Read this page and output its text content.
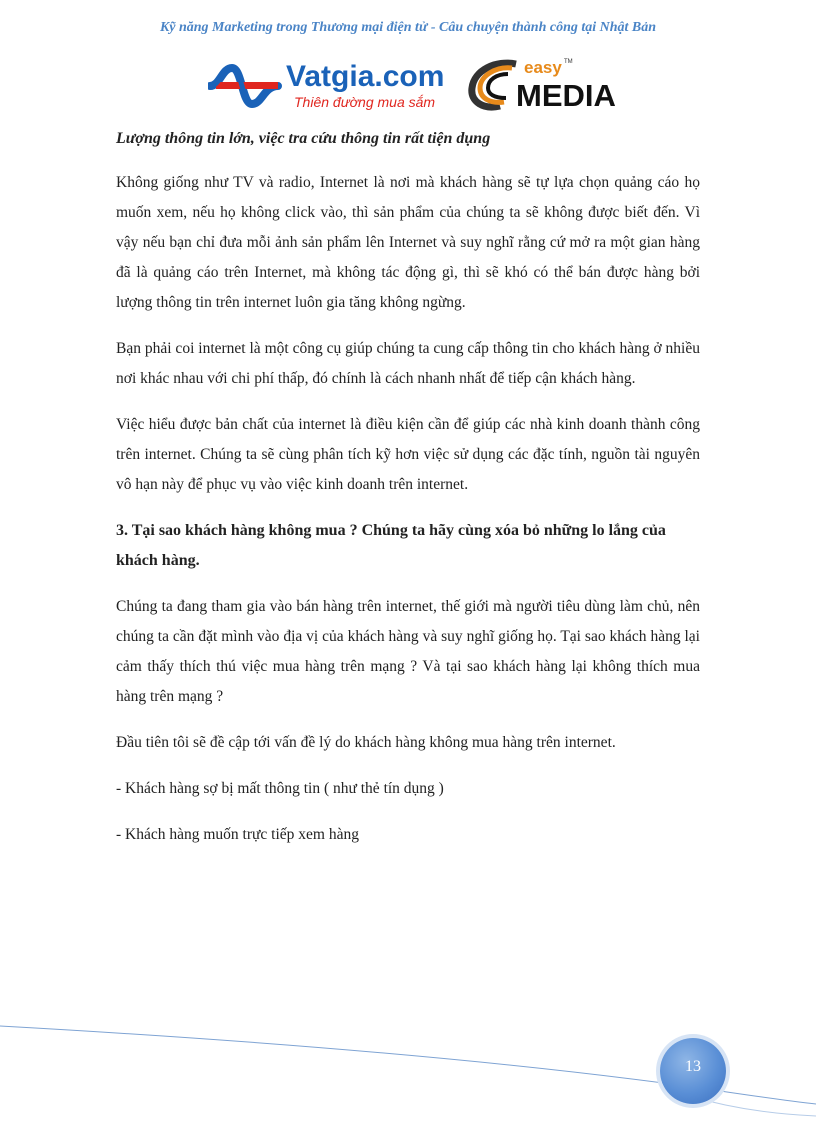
Kỹ năng Marketing trong Thương mại điện tử - Câu chuyện thành công tại Nhật Bản
Vatgia.com
Thiên đường mua sắm
easy TM
MEDIA

Lượng thông tin lớn, việc tra cứu thông tin rất tiện dụng

Không giống như TV và radio, Internet là nơi mà khách hàng sẽ tự lựa chọn quảng cáo họ muốn xem, nếu họ không click vào, thì sản phẩm của chúng ta sẽ không được biết đến. Vì vậy nếu bạn chỉ đưa mỗi ảnh sản phẩm lên Internet và suy nghĩ rằng cứ mở ra một gian hàng đã là quảng cáo trên Internet, mà không tác động gì, thì sẽ khó có thể bán được hàng bởi lượng thông tin trên internet luôn gia tăng không ngừng.

Bạn phải coi internet là một công cụ giúp chúng ta cung cấp thông tin cho khách hàng ở nhiều nơi khác nhau với chi phí thấp, đó chính là cách nhanh nhất để tiếp cận khách hàng.

Việc hiểu được bản chất của internet là điều kiện cần để giúp các nhà kinh doanh thành công trên internet. Chúng ta sẽ cùng phân tích kỹ hơn việc sử dụng các đặc tính, nguồn tài nguyên vô hạn này để phục vụ vào việc kinh doanh trên internet.

3. Tại sao khách hàng không mua ? Chúng ta hãy cùng xóa bỏ những lo lắng của khách hàng.

Chúng ta đang tham gia vào bán hàng trên internet, thế giới mà người tiêu dùng làm chủ, nên chúng ta cần đặt mình vào địa vị của khách hàng và suy nghĩ giống họ. Tại sao khách hàng lại cảm thấy thích thú việc mua hàng trên mạng ? Và tại sao khách hàng lại không thích mua hàng trên mạng ?

Đầu tiên tôi sẽ đề cập tới vấn đề lý do khách hàng không mua hàng trên internet.

- Khách hàng sợ bị mất thông tin ( như thẻ tín dụng )

- Khách hàng muốn trực tiếp xem hàng

13
